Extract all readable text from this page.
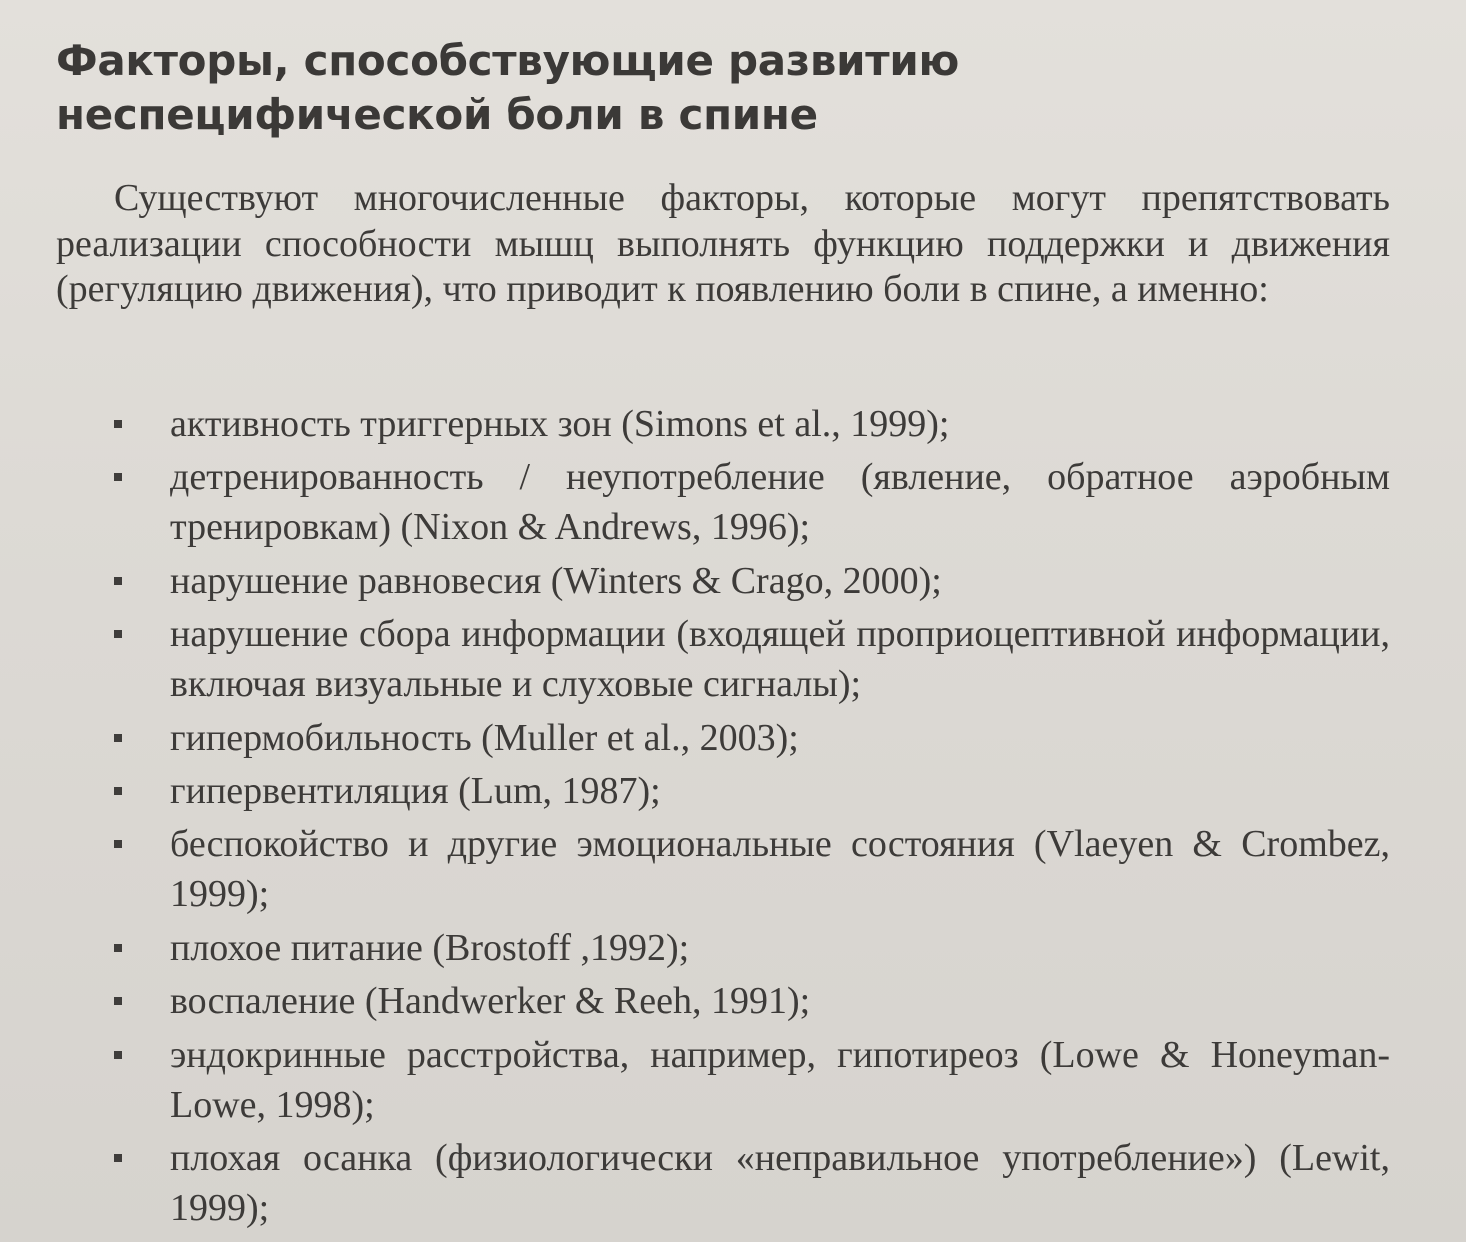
Факторы, способствующие развитию
неспецифической боли в спине

Существуют многочисленные факторы, которые могут препятствовать реализации способности мышц выполнять функцию поддержки и движения (регуляцию движения), что приводит к появлению боли в спине, а именно:

активность триггерных зон (Simons et al., 1999);
детренированность / неупотребление (явление, обратное аэробным тренировкам) (Nixon & Andrews, 1996);
нарушение равновесия (Winters & Crago, 2000);
нарушение сбора информации (входящей проприоцептивной информации, включая визуальные и слуховые сигналы);
гипермобильность (Muller et al., 2003);
гипервентиляция (Lum, 1987);
беспокойство и другие эмоциональные состояния (Vlaeyen & Crombez, 1999);
плохое питание (Brostoff ,1992);
воспаление (Handwerker & Reeh, 1991);
эндокринные расстройства, например, гипотиреоз (Lowe & Honeyman-Lowe, 1998);
плохая осанка (физиологически «неправильное употребление») (Lewit, 1999);
